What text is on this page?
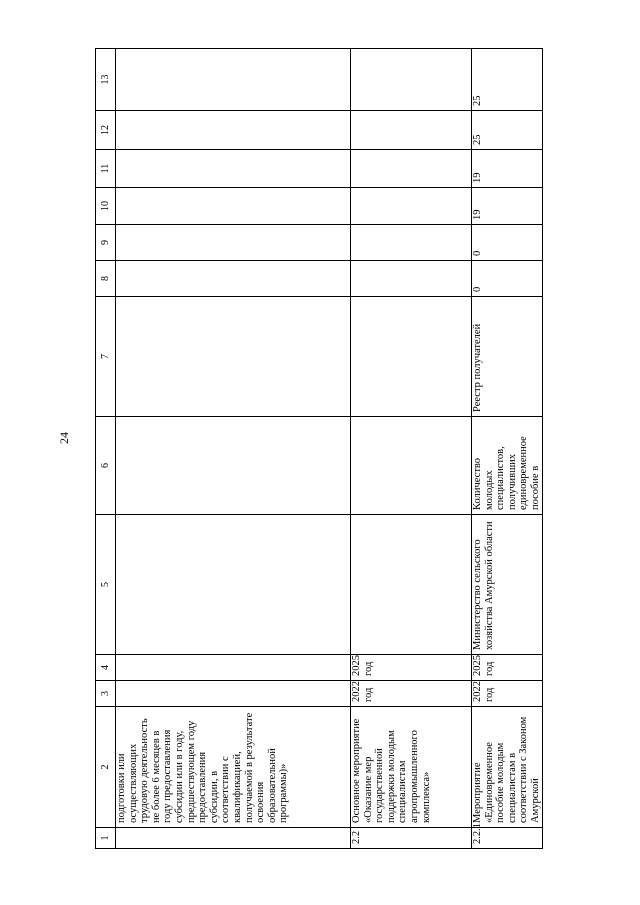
24
1	2	3	4	5	6	7	8	9	10	11	12	13
	подготовки или осуществляющих трудовую деятельность не более 6 месяцев в году предоставления субсидии или в году, предшествующем году предоставления субсидии, в соответствии с квалификацией, получаемой в результате освоения образовательной программы)»											
2.2	Основное мероприятие «Оказание мер государственной поддержки молодым специалистам агропромышленного комплекса»	2022 год	2025 год									
2.2.1	Мероприятие «Единовременное пособие молодым специалистам в соответствии с Законом Амурской	2022 год	2025 год	Министерство сельского хозяйства Амурской области	Количество молодых специалистов, получивших единовременное пособие в	Реестр получателей	0	0	19	19	25	25
